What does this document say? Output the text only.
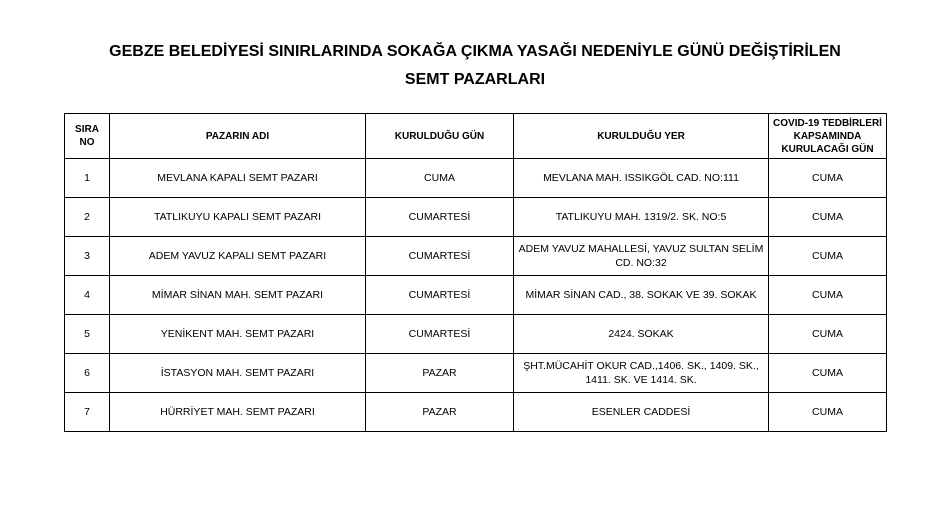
GEBZE BELEDİYESİ SINIRLARINDA SOKAĞA ÇIKMA YASAĞI NEDENİYLE GÜNÜ DEĞİŞTİRİLEN
SEMT PAZARLARI
SIRA NO	PAZARIN ADI	KURULDUĞU GÜN	KURULDUĞU YER	COVID-19 TEDBİRLERİ KAPSAMINDA KURULACAĞI GÜN
1	MEVLANA KAPALI SEMT PAZARI	CUMA	MEVLANA MAH. ISSIKGÖL CAD. NO:111	CUMA
2	TATLIKUYU KAPALI SEMT PAZARI	CUMARTESİ	TATLIKUYU MAH. 1319/2. SK. NO:5	CUMA
3	ADEM YAVUZ KAPALI SEMT PAZARI	CUMARTESİ	ADEM YAVUZ MAHALLESİ, YAVUZ SULTAN SELİM CD. NO:32	CUMA
4	MİMAR SİNAN MAH. SEMT PAZARI	CUMARTESİ	MİMAR SİNAN CAD., 38. SOKAK VE 39. SOKAK	CUMA
5	YENİKENT MAH. SEMT PAZARI	CUMARTESİ	2424. SOKAK	CUMA
6	İSTASYON MAH. SEMT PAZARI	PAZAR	ŞHT.MÜCAHİT OKUR CAD.,1406. SK., 1409. SK., 1411. SK. VE 1414. SK.	CUMA
7	HÜRRİYET MAH. SEMT PAZARI	PAZAR	ESENLER CADDESİ	CUMA
